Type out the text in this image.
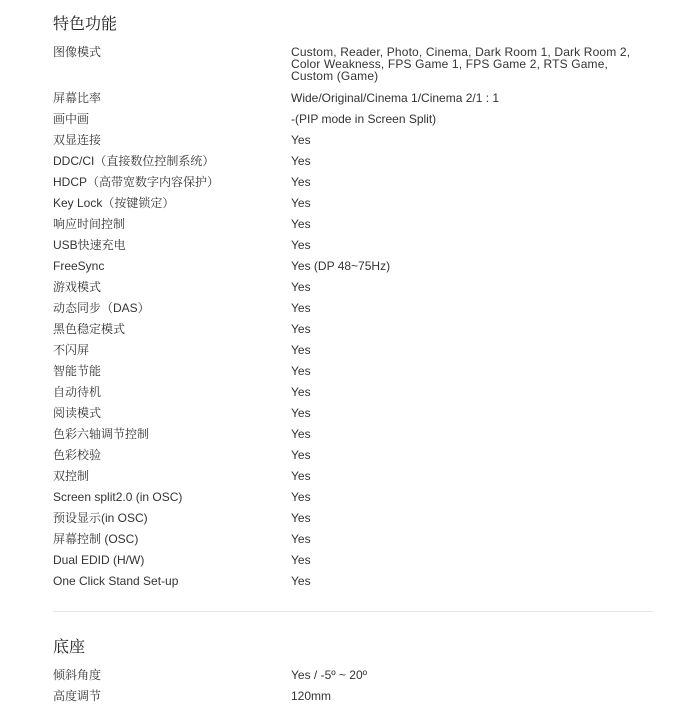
特色功能
图像模式	Custom, Reader, Photo, Cinema, Dark Room 1, Dark Room 2, Color Weakness, FPS Game 1, FPS Game 2, RTS Game, Custom (Game)
屏幕比率	Wide/Original/Cinema 1/Cinema 2/1 : 1
画中画	-(PIP mode in Screen Split)
双显连接	Yes
DDC/CI（直接数位控制系统）	Yes
HDCP（高带宽数字内容保护）	Yes
Key Lock（按键锁定）	Yes
响应时间控制	Yes
USB快速充电	Yes
FreeSync	Yes (DP 48~75Hz)
游戏模式	Yes
动态同步（DAS）	Yes
黑色稳定模式	Yes
不闪屏	Yes
智能节能	Yes
自动待机	Yes
阅读模式	Yes
色彩六轴调节控制	Yes
色彩校验	Yes
双控制	Yes
Screen split2.0 (in OSC)	Yes
预设显示(in OSC)	Yes
屏幕控制 (OSC)	Yes
Dual EDID (H/W)	Yes
One Click Stand Set-up	Yes
底座
倾斜角度	Yes / -5º ~ 20º
高度调节	120mm
